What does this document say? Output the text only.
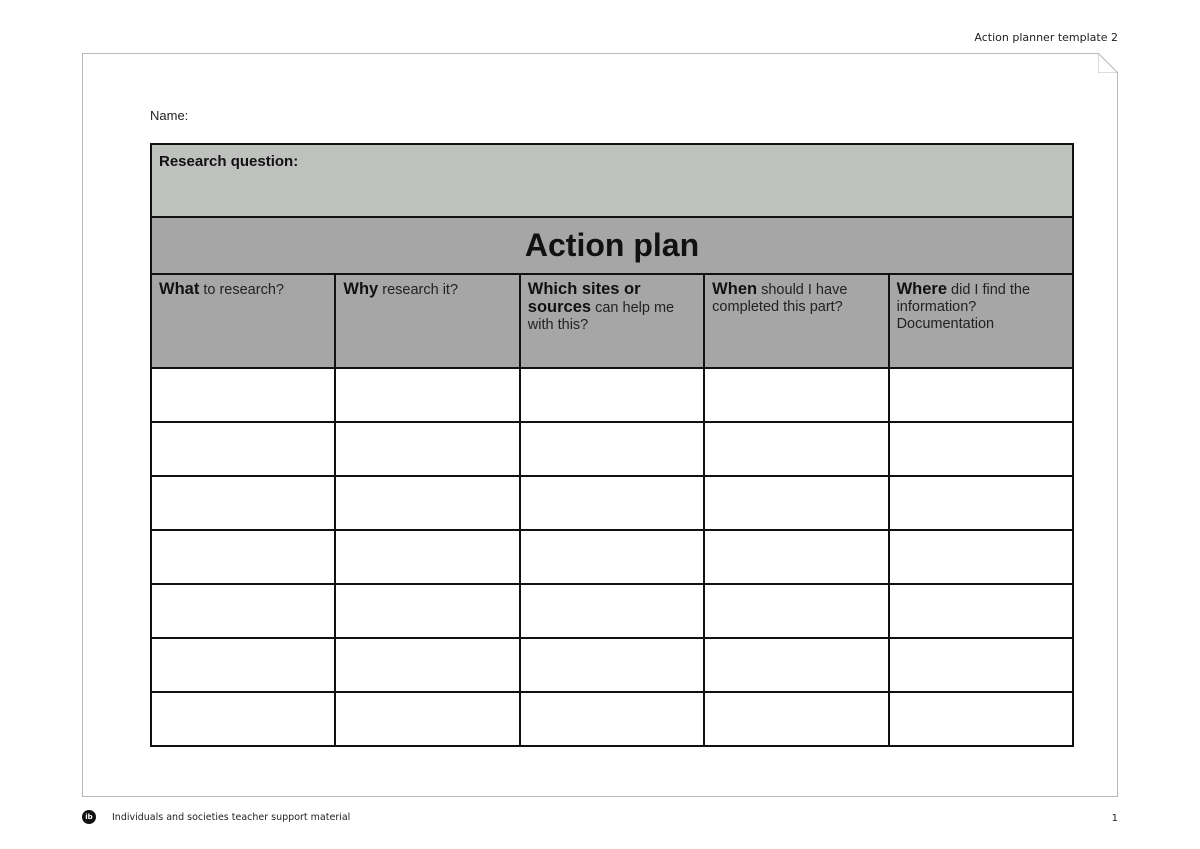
Action planner template 2
Name:
Research question:				
Action plan				
What to research?	Why research it?	Which sites or sources can help me with this?	When should I have completed this part?	Where did I find the information? Documentation

ib	Individuals and societies teacher support material	1
